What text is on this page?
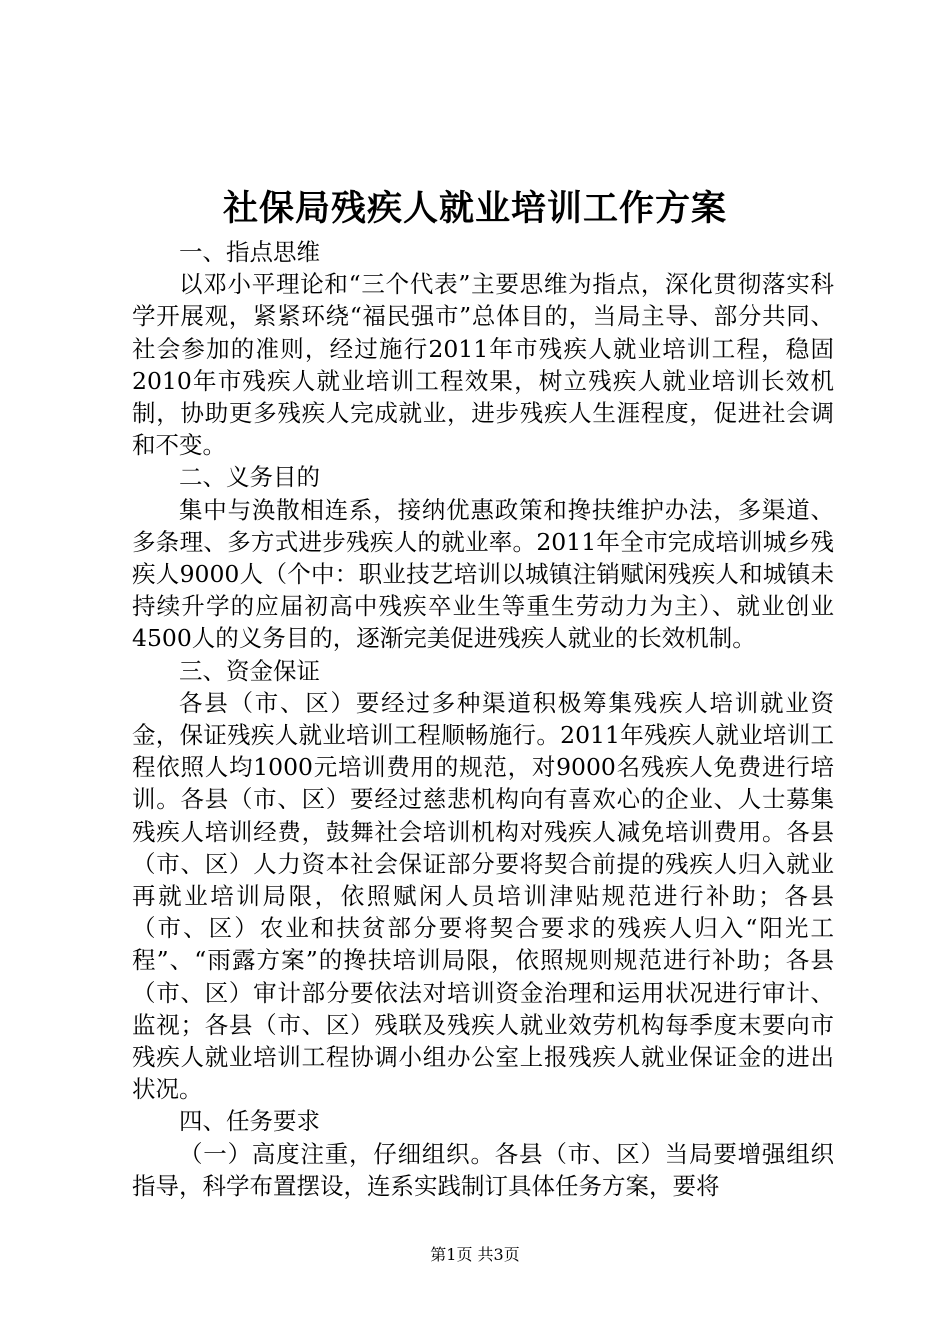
社保局残疾人就业培训工作方案

一、指点思维

以邓小平理论和“三个代表”主要思维为指点，深化贯彻落实科学开展观，紧紧环绕“福民强市”总体目的，当局主导、部分共同、社会参加的准则，经过施行2011年市残疾人就业培训工程，稳固2010年市残疾人就业培训工程效果，树立残疾人就业培训长效机制，协助更多残疾人完成就业，进步残疾人生涯程度，促进社会调和不变。

二、义务目的

集中与涣散相连系，接纳优惠政策和搀扶维护办法，多渠道、多条理、多方式进步残疾人的就业率。2011年全市完成培训城乡残疾人9000人（个中：职业技艺培训以城镇注销赋闲残疾人和城镇未持续升学的应届初高中残疾卒业生等重生劳动力为主）、就业创业4500人的义务目的，逐渐完美促进残疾人就业的长效机制。

三、资金保证

各县（市、区）要经过多种渠道积极筹集残疾人培训就业资金，保证残疾人就业培训工程顺畅施行。2011年残疾人就业培训工程依照人均1000元培训费用的规范，对9000名残疾人免费进行培训。各县（市、区）要经过慈悲机构向有喜欢心的企业、人士募集残疾人培训经费，鼓舞社会培训机构对残疾人减免培训费用。各县（市、区）人力资本社会保证部分要将契合前提的残疾人归入就业再就业培训局限，依照赋闲人员培训津贴规范进行补助；各县（市、区）农业和扶贫部分要将契合要求的残疾人归入“阳光工程”、“雨露方案”的搀扶培训局限，依照规则规范进行补助；各县（市、区）审计部分要依法对培训资金治理和运用状况进行审计、监视；各县（市、区）残联及残疾人就业效劳机构每季度末要向市残疾人就业培训工程协调小组办公室上报残疾人就业保证金的进出状况。

四、任务要求

（一）高度注重，仔细组织。各县（市、区）当局要增强组织指导，科学布置摆设，连系实践制订具体任务方案，要将

第1页 共3页
